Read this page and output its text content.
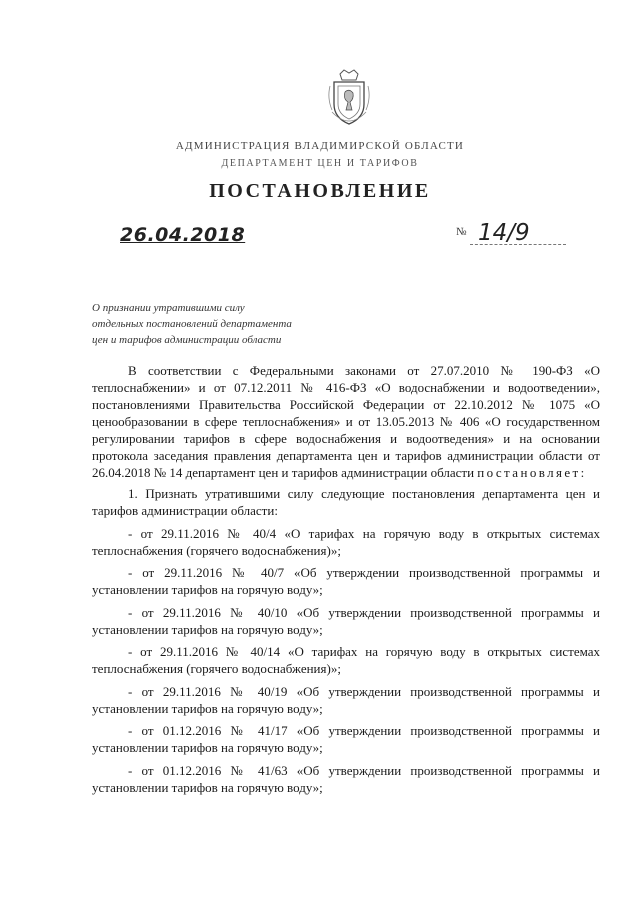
АДМИНИСТРАЦИЯ ВЛАДИМИРСКОЙ ОБЛАСТИ
ДЕПАРТАМЕНТ ЦЕН И ТАРИФОВ
ПОСТАНОВЛЕНИЕ
26.04.2018	№ 14/9
О признании утратившими силу
отдельных постановлений департамента
цен и тарифов администрации области

В соответствии с Федеральными законами от 27.07.2010 № 190-ФЗ «О теплоснабжении» и от 07.12.2011 № 416-ФЗ «О водоснабжении и водоотведении», постановлениями Правительства Российской Федерации от 22.10.2012 № 1075 «О ценообразовании в сфере теплоснабжения» и от 13.05.2013 № 406 «О государственном регулировании тарифов в сфере водоснабжения и водоотведения» и на основании протокола заседания правления департамента цен и тарифов администрации области от 26.04.2018 № 14 департамент цен и тарифов администрации области постановляет:

1. Признать утратившими силу следующие постановления департамента цен и тарифов администрации области:

- от 29.11.2016 № 40/4 «О тарифах на горячую воду в открытых системах теплоснабжения (горячего водоснабжения)»;

- от 29.11.2016 № 40/7 «Об утверждении производственной программы и установлении тарифов на горячую воду»;

- от 29.11.2016 № 40/10 «Об утверждении производственной программы и установлении тарифов на горячую воду»;

- от 29.11.2016 № 40/14 «О тарифах на горячую воду в открытых системах теплоснабжения (горячего водоснабжения)»;

- от 29.11.2016 № 40/19 «Об утверждении производственной программы и установлении тарифов на горячую воду»;

- от 01.12.2016 № 41/17 «Об утверждении производственной программы и установлении тарифов на горячую воду»;

- от 01.12.2016 № 41/63 «Об утверждении производственной программы и установлении тарифов на горячую воду»;
